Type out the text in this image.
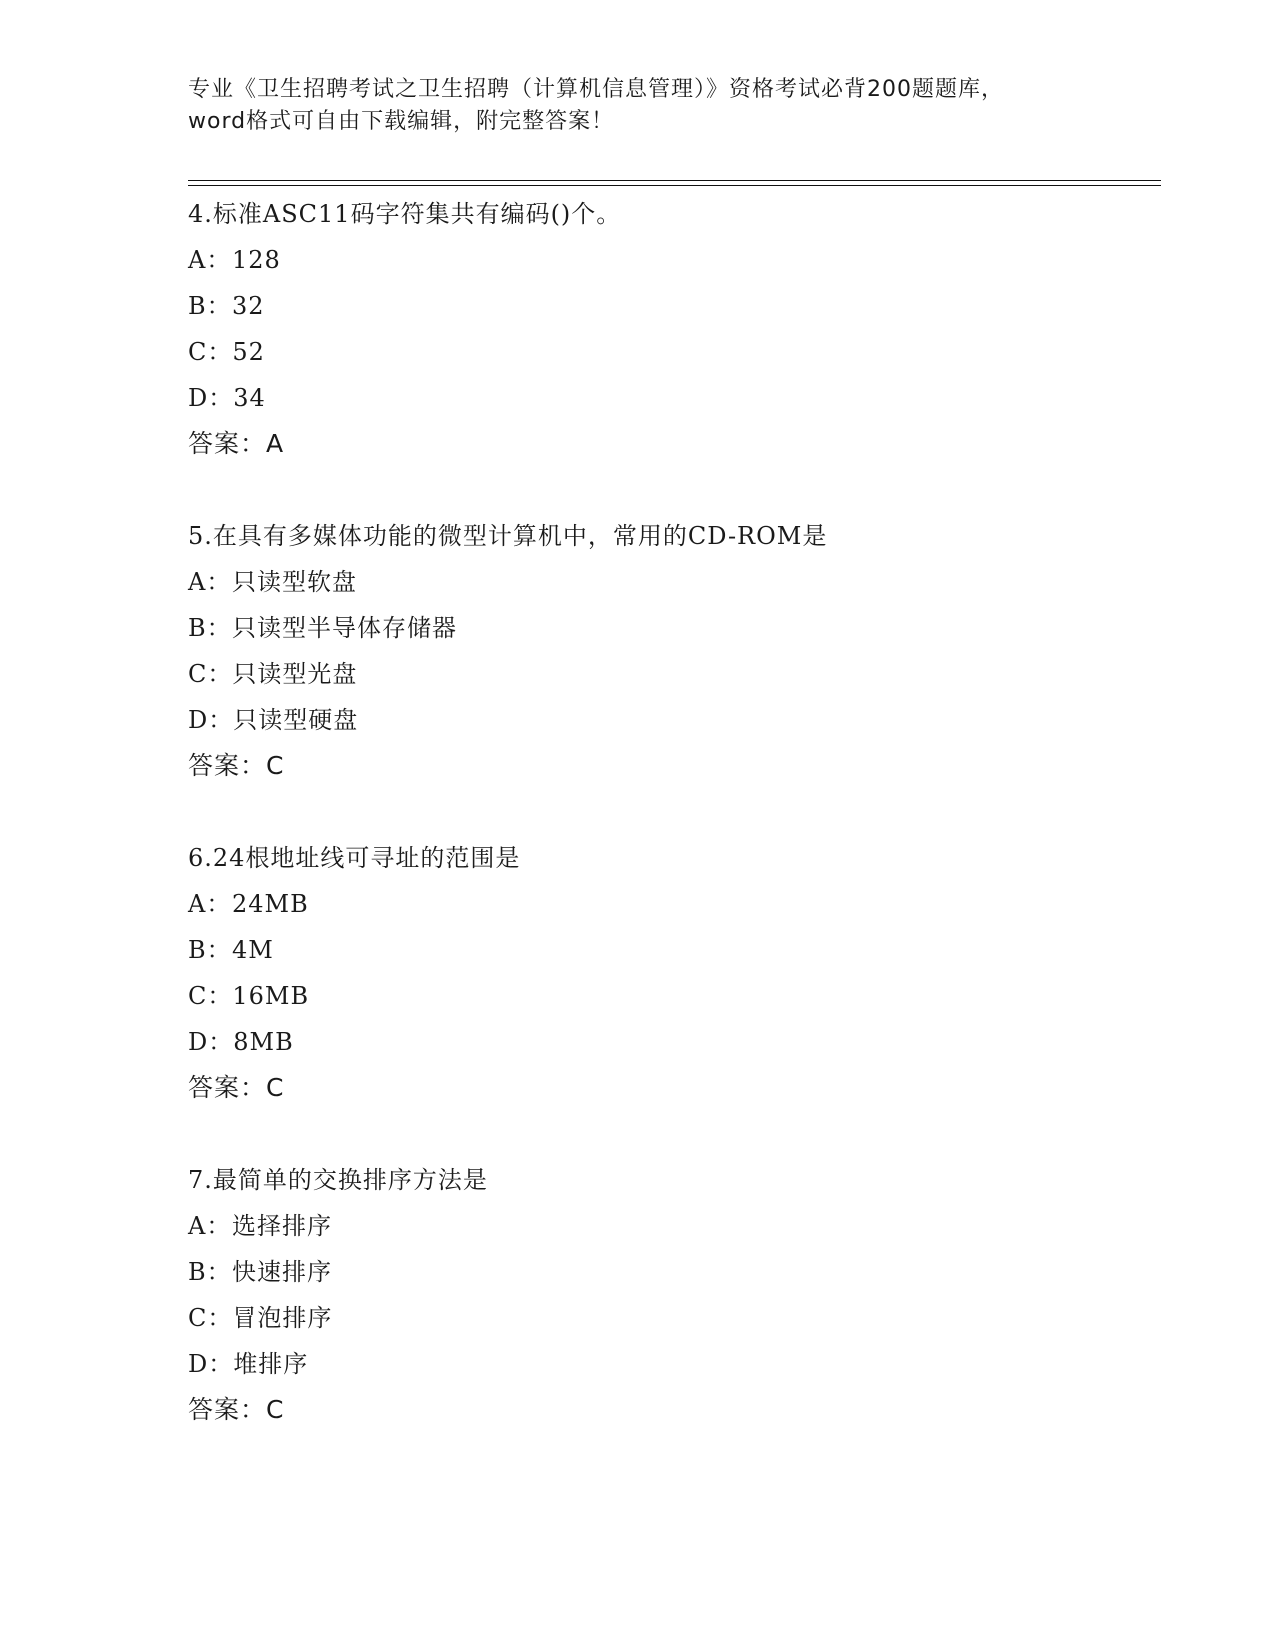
专业《卫生招聘考试之卫生招聘（计算机信息管理）》资格考试必背200题题库，
word格式可自由下载编辑，附完整答案！
4.标准ASC11码字符集共有编码()个。
A：128
B：32
C：52
D：34
答案：A
5.在具有多媒体功能的微型计算机中，常用的CD-ROM是
A：只读型软盘
B：只读型半导体存储器
C：只读型光盘
D：只读型硬盘
答案：C
6.24根地址线可寻址的范围是
A：24MB
B：4M
C：16MB
D：8MB
答案：C
7.最简单的交换排序方法是
A：选择排序
B：快速排序
C：冒泡排序
D：堆排序
答案：C
